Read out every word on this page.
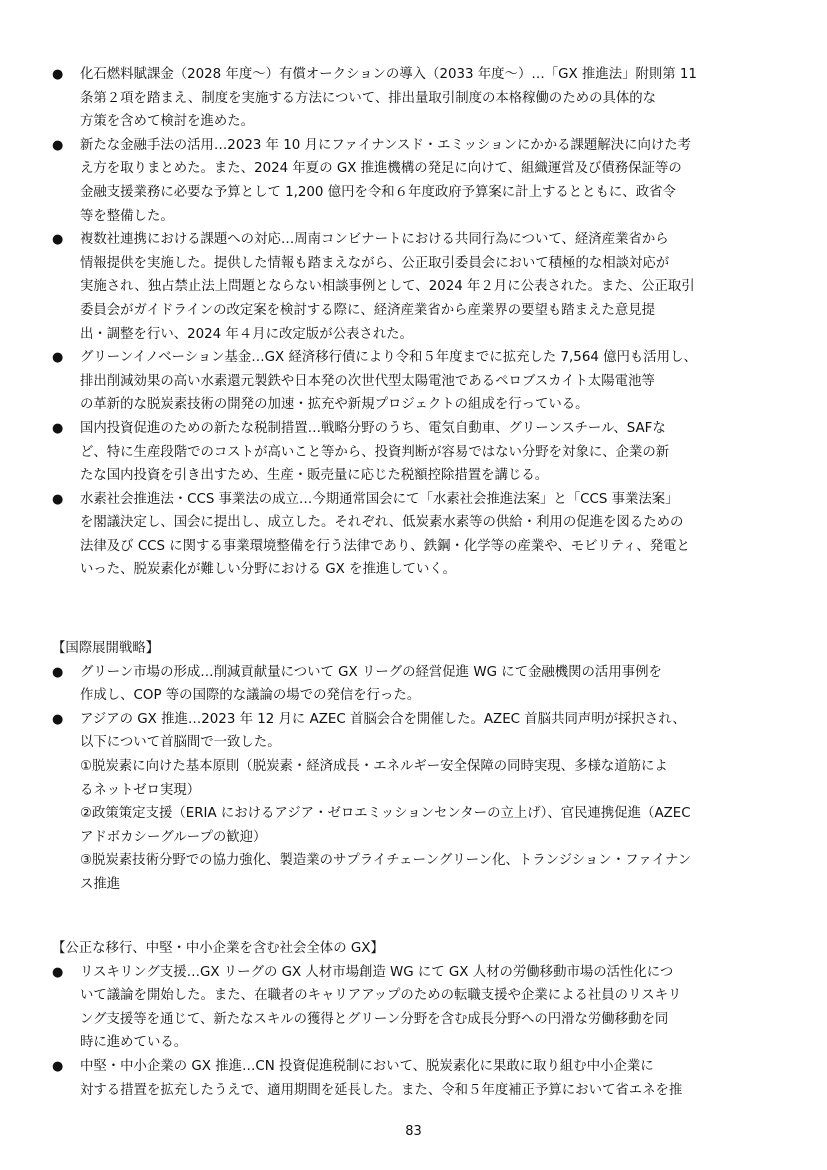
● 化石燃料賦課金（2028 年度～）有償オークションの導入（2033 年度～）…「GX 推進法」附則第 11
条第２項を踏まえ、制度を実施する方法について、排出量取引制度の本格稼働のための具体的な
方策を含めて検討を進めた。
● 新たな金融手法の活用…2023 年 10 月にファイナンスド・エミッションにかかる課題解決に向けた考
え方を取りまとめた。また、2024 年夏の GX 推進機構の発足に向けて、組織運営及び債務保証等の
金融支援業務に必要な予算として 1,200 億円を令和６年度政府予算案に計上するとともに、政省令
等を整備した。
● 複数社連携における課題への対応…周南コンビナートにおける共同行為について、経済産業省から
情報提供を実施した。提供した情報も踏まえながら、公正取引委員会において積極的な相談対応が
実施され、独占禁止法上問題とならない相談事例として、2024 年２月に公表された。また、公正取引
委員会がガイドラインの改定案を検討する際に、経済産業省から産業界の要望も踏まえた意見提
出・調整を行い、2024 年４月に改定版が公表された。
● グリーンイノベーション基金…GX 経済移行債により令和５年度までに拡充した 7,564 億円も活用し、
排出削減効果の高い水素還元製鉄や日本発の次世代型太陽電池であるペロブスカイト太陽電池等
の革新的な脱炭素技術の開発の加速・拡充や新規プロジェクトの組成を行っている。
● 国内投資促進のための新たな税制措置…戦略分野のうち、電気自動車、グリーンスチール、SAFな
ど、特に生産段階でのコストが高いこと等から、投資判断が容易ではない分野を対象に、企業の新
たな国内投資を引き出すため、生産・販売量に応じた税額控除措置を講じる。
● 水素社会推進法・CCS 事業法の成立…今期通常国会にて「水素社会推進法案」と「CCS 事業法案」
を閣議決定し、国会に提出し、成立した。それぞれ、低炭素水素等の供給・利用の促進を図るための
法律及び CCS に関する事業環境整備を行う法律であり、鉄鋼・化学等の産業や、モビリティ、発電と
いった、脱炭素化が難しい分野における GX を推進していく。
【国際展開戦略】
● グリーン市場の形成…削減貢献量について GX リーグの経営促進 WG にて金融機関の活用事例を
作成し、COP 等の国際的な議論の場での発信を行った。
● アジアの GX 推進…2023 年 12 月に AZEC 首脳会合を開催した。AZEC 首脳共同声明が採択され、
以下について首脳間で一致した。
①脱炭素に向けた基本原則（脱炭素・経済成長・エネルギー安全保障の同時実現、多様な道筋によ
るネットゼロ実現）
②政策策定支援（ERIA におけるアジア・ゼロエミッションセンターの立上げ）、官民連携促進（AZEC
アドボカシーグループの歓迎）
③脱炭素技術分野での協力強化、製造業のサプライチェーングリーン化、トランジション・ファイナン
ス推進
【公正な移行、中堅・中小企業を含む社会全体の GX】
● リスキリング支援…GX リーグの GX 人材市場創造 WG にて GX 人材の労働移動市場の活性化につ
いて議論を開始した。また、在職者のキャリアアップのための転職支援や企業による社員のリスキリ
ング支援等を通じて、新たなスキルの獲得とグリーン分野を含む成長分野への円滑な労働移動を同
時に進めている。
● 中堅・中小企業の GX 推進…CN 投資促進税制において、脱炭素化に果敢に取り組む中小企業に
対する措置を拡充したうえで、適用期間を延長した。また、令和５年度補正予算において省エネを推
83
